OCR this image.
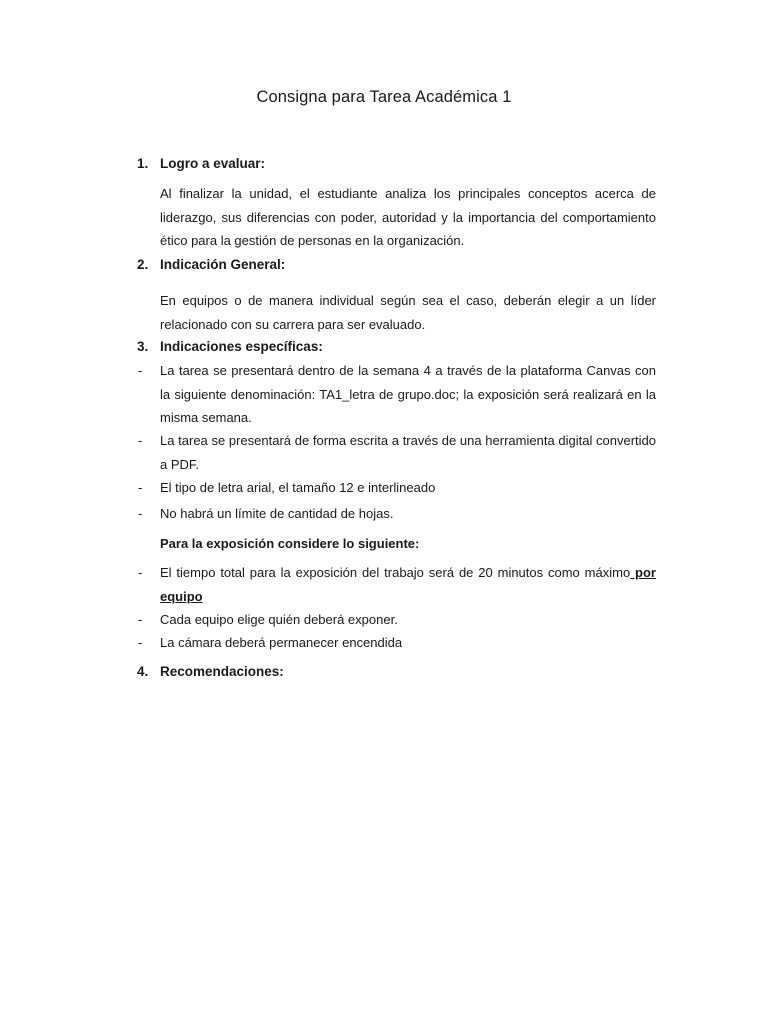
Consigna para Tarea Académica 1
1. Logro a evaluar:

Al finalizar la unidad, el estudiante analiza los principales conceptos acerca de liderazgo, sus diferencias con poder, autoridad y la importancia del comportamiento ético para la gestión de personas en la organización.

2. Indicación General:

En equipos o de manera individual según sea el caso, deberán elegir a un líder relacionado con su carrera para ser evaluado.

3. Indicaciones específicas:
- La tarea se presentará dentro de la semana 4 a través de la plataforma Canvas con la siguiente denominación: TA1_letra de grupo.doc; la exposición será realizará en la misma semana.

- La tarea se presentará de forma escrita a través de una herramienta digital convertido a PDF.

- El tipo de letra arial, el tamaño 12 e interlineado

- No habrá un límite de cantidad de hojas.

Para la exposición considere lo siguiente:
- El tiempo total para la exposición del trabajo será de 20 minutos como máximo por equipo

- Cada equipo elige quién deberá exponer.

- La cámara deberá permanecer encendida

4. Recomendaciones:
